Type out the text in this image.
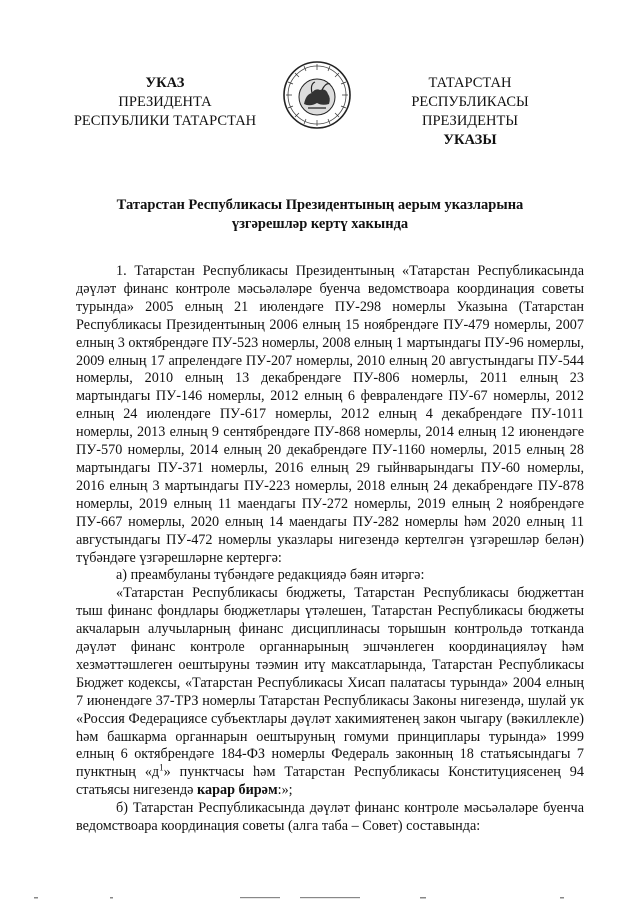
УКАЗ
ПРЕЗИДЕНТА
РЕСПУБЛИКИ ТАТАРСТАН
ТАТАРСТАН РЕСПУБЛИКАСЫ
ПРЕЗИДЕНТЫ
УКАЗЫ
Татарстан Республикасы Президентының аерым указларына
үзгәрешләр кертү хакында

1. Татарстан Республикасы Президентының «Татарстан Республикасында дәүләт финанс контроле мәсьәләләре буенча ведомствоара координация советы турында» 2005 елның 21 июлендәге ПУ-298 номерлы Указына (Татарстан Республикасы Президентының 2006 елның 15 ноябрендәге ПУ-479 номерлы, 2007 елның 3 октябрендәге ПУ-523 номерлы, 2008 елның 1 мартындагы ПУ-96 номерлы, 2009 елның 17 апрелендәге ПУ-207 номерлы, 2010 елның 20 августындагы ПУ-544 номерлы, 2010 елның 13 декабрендәге ПУ-806 номерлы, 2011 елның 23 мартындагы ПУ-146 номерлы, 2012 елның 6 февралендәге ПУ-67 номерлы, 2012 елның 24 июлендәге ПУ-617 номерлы, 2012 елның 4 декабрендәге ПУ-1011 номерлы, 2013 елның 9 сентябрендәге ПУ-868 номерлы, 2014 елның 12 июнендәге ПУ-570 номерлы, 2014 елның 20 декабрендәге ПУ-1160 номерлы, 2015 елның 28 мартындагы ПУ-371 номерлы, 2016 елның 29 гыйнварындагы ПУ-60 номерлы, 2016 елның 3 мартындагы ПУ-223 номерлы, 2018 елның 24 декабрендәге ПУ-878 номерлы, 2019 елның 11 маендагы ПУ-272 номерлы, 2019 елның 2 ноябрендәге ПУ-667 номерлы, 2020 елның 14 маендагы ПУ-282 номерлы һәм 2020 елның 11 августындагы ПУ-472 номерлы указлары нигезендә кертелгән үзгәрешләр белән) түбәндәге үзгәрешләрне кертергә:

а) преамбуланы түбәндәге редакциядә бәян итәргә:

«Татарстан Республикасы бюджеты, Татарстан Республикасы бюджеттан тыш финанс фондлары бюджетлары үтәлешен, Татарстан Республикасы бюджеты акчаларын алучыларның финанс дисциплинасы торышын контрольдә тотканда дәүләт финанс контроле органнарының эшчәнлеген координацияләү һәм хезмәттәшлеген оештыруны тәэмин итү максатларында, Татарстан Республикасы Бюджет кодексы, «Татарстан Республикасы Хисап палатасы турында» 2004 елның 7 июнендәге 37-ТРЗ номерлы Татарстан Республикасы Законы нигезендә, шулай ук «Россия Федерациясе субъектлары дәүләт хакимиятенең закон чыгару (вәкиллекле) һәм башкарма органнарын оештыруның гомуми принциплары турында» 1999 елның 6 октябрендәге 184-ФЗ номерлы Федераль законның 18 статьясындагы 7 пунктның «$д^1$» пунктчасы һәм Татарстан Республикасы Конституциясенең 94 статьясы нигезендә карар бирәм:»;

б) Татарстан Республикасында дәүләт финанс контроле мәсьәләләре буенча ведомствоара координация советы (алга таба – Совет) составында:
